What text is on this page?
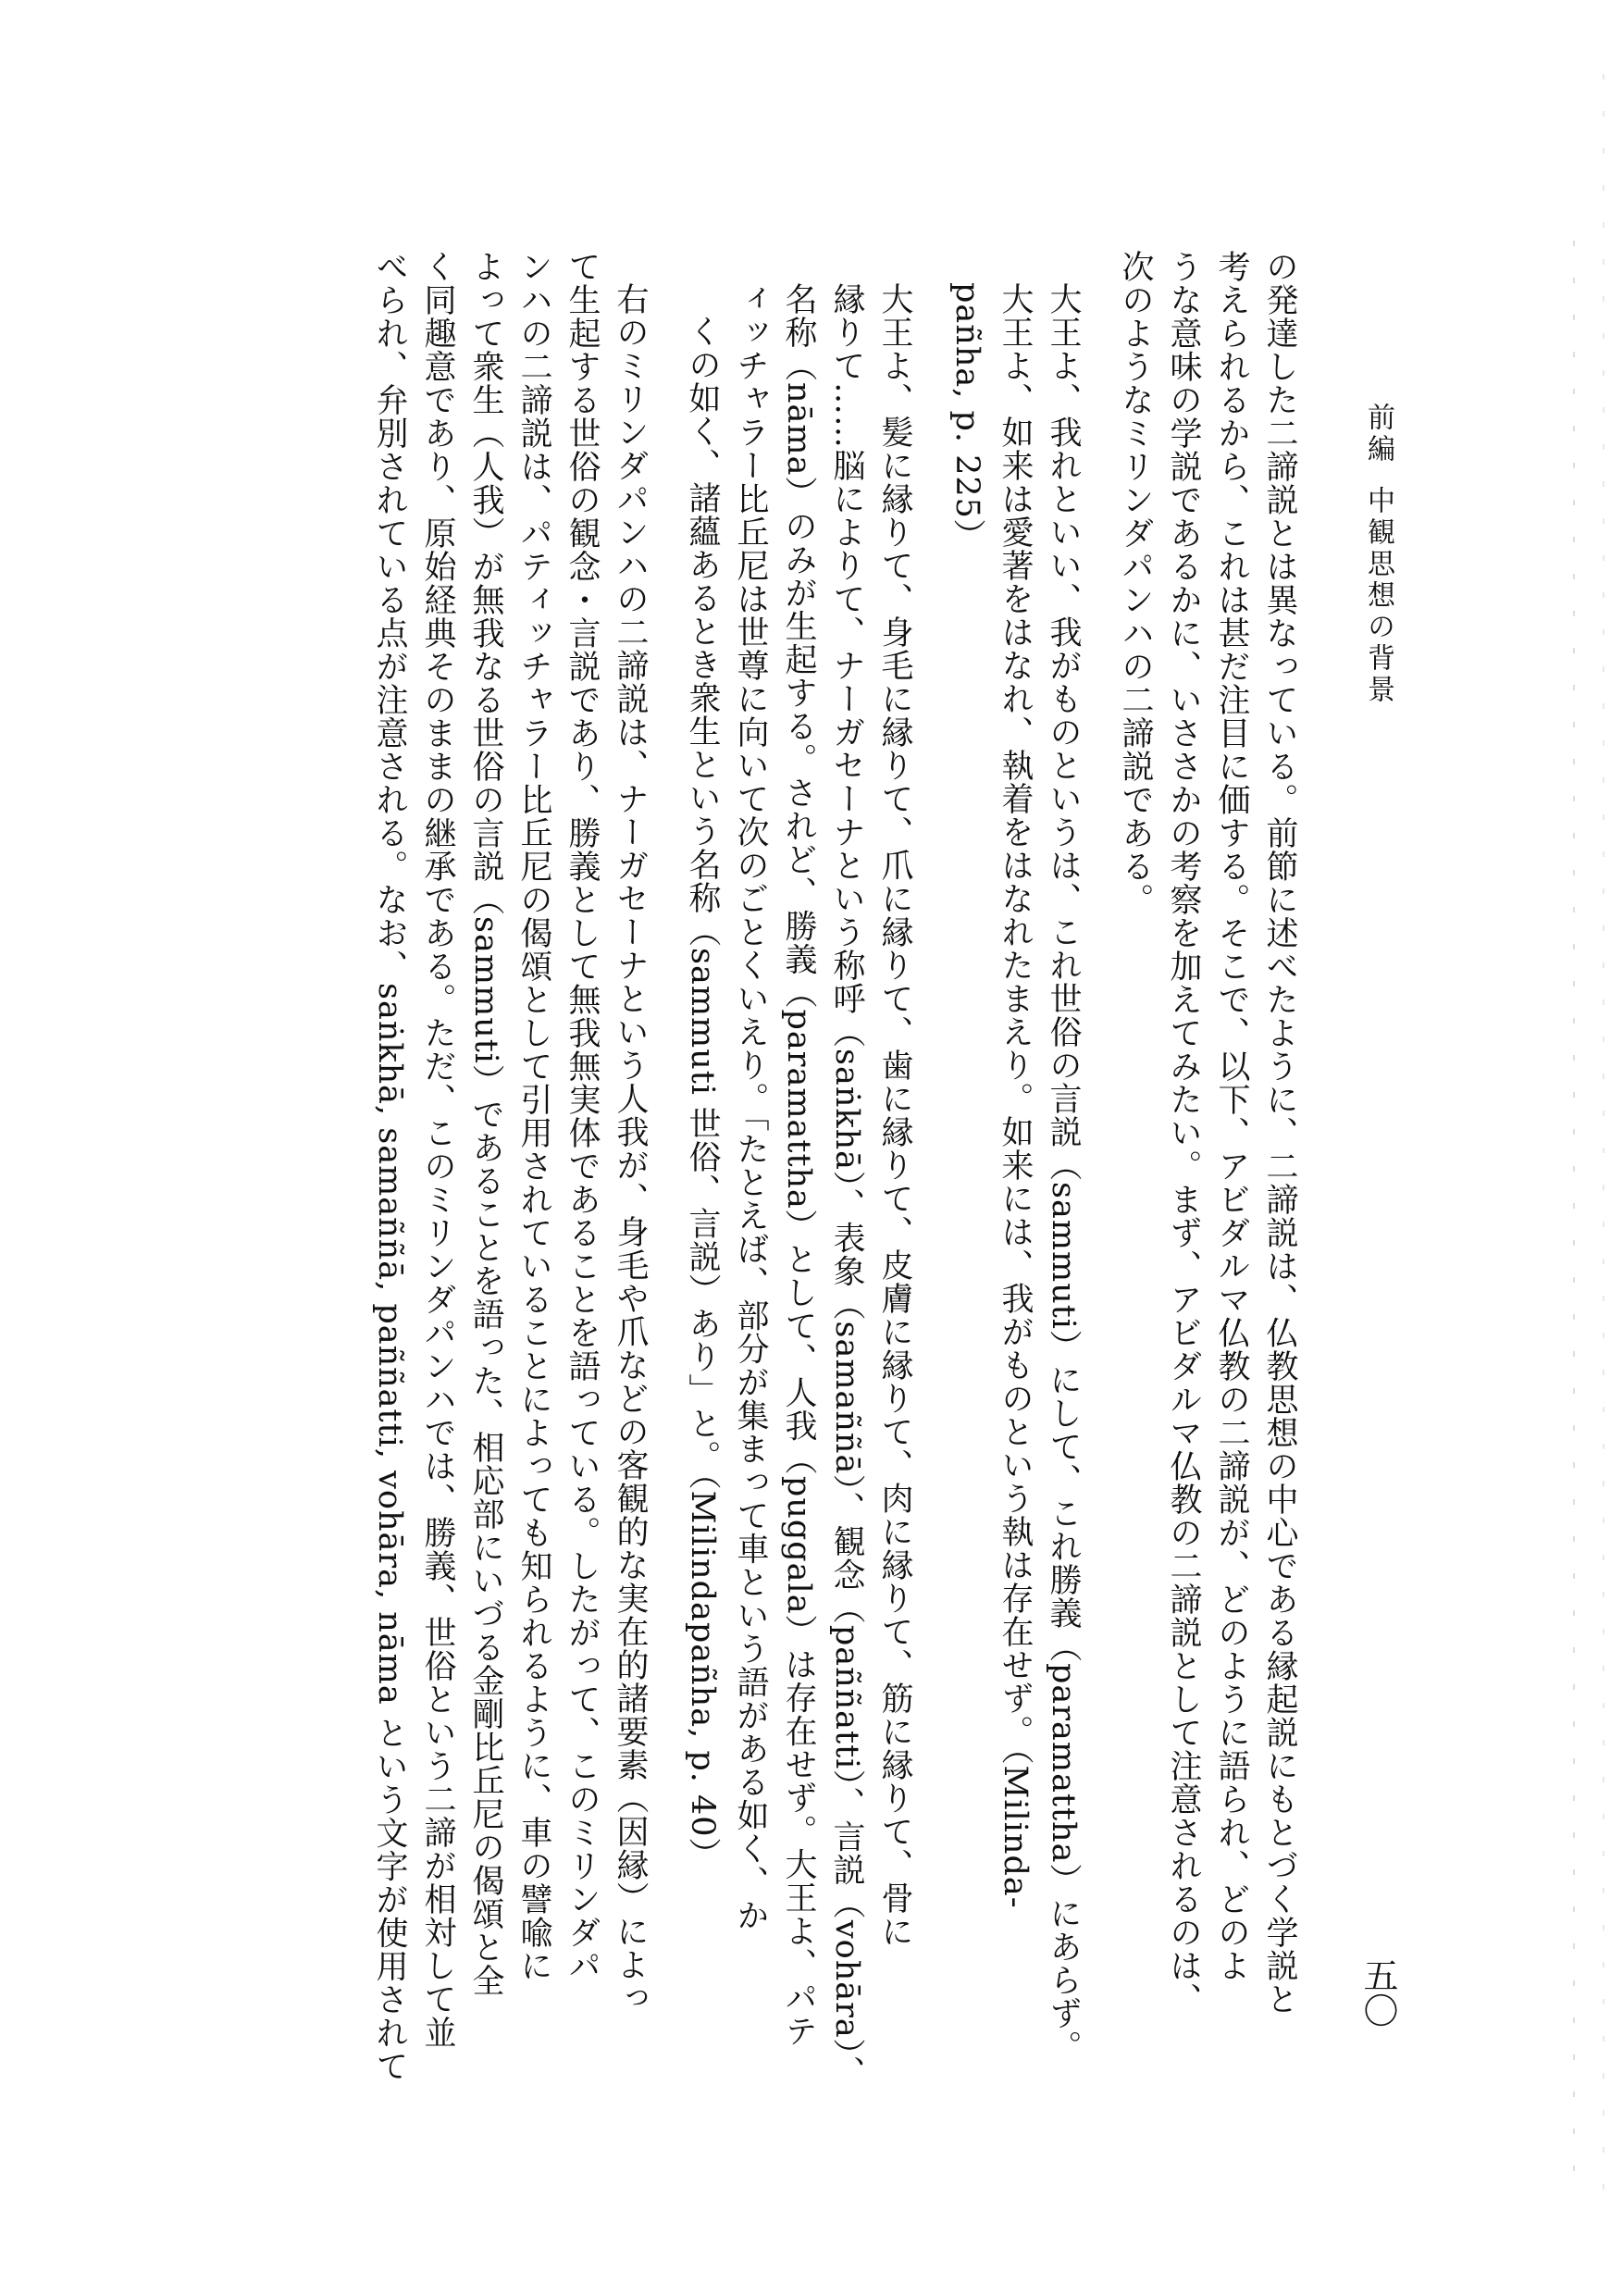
前編中観思想の背景
五〇
の発達した二諦説とは異なっている。前節に述べたように、二諦説は、仏教思想の中心である縁起説にもとづく学説と
考えられるから、これは甚だ注目に価する。そこで、以下、アビダルマ仏教の二諦説が、どのように語られ、どのよ
うな意味の学説であるかに、いささかの考察を加えてみたい。まず、アビダルマ仏教の二諦説として注意されるのは、
次のようなミリンダパンハの二諦説である。
大王よ、我れといい、我がものというは、これ世俗の言説（sammuti）にして、これ勝義（paramattha）にあらず。
大王よ、如来は愛著をはなれ、執着をはなれたまえり。如来には、我がものという執は存在せず。（Milinda-
pañha, p. 225）
大王よ、髪に縁りて、身毛に縁りて、爪に縁りて、歯に縁りて、皮膚に縁りて、肉に縁りて、筋に縁りて、骨に
縁りて……脳によりて、ナーガセーナという称呼（saṅkhā）、表象（samaññā）、観念（paññatti）、言説（vohāra）、
名称（nāma）のみが生起する。されど、勝義（paramattha）として、人我（puggala）は存在せず。大王よ、パテ
ィッチャラー比丘尼は世尊に向いて次のごとくいえり。「たとえば、部分が集まって車という語がある如く、か
くの如く、諸蘊あるとき衆生という名称（sammuti 世俗、言説）あり」と。（Milindapañha, p. 40）
右のミリンダパンハの二諦説は、ナーガセーナという人我が、身毛や爪などの客観的な実在的諸要素（因縁）によっ
て生起する世俗の観念・言説であり、勝義として無我無実体であることを語っている。したがって、このミリンダパ
ンハの二諦説は、パティッチャラー比丘尼の偈頌として引用されていることによっても知られるように、車の譬喩に
よって衆生（人我）が無我なる世俗の言説（sammuti）であることを語った、相応部にいづる金剛比丘尼の偈頌と全
く同趣意であり、原始経典そのままの継承である。ただ、このミリンダパンハでは、勝義、世俗という二諦が相対して並
べられ、弁別されている点が注意される。なお、saṅkhā, samaññā, paññatti, vohāra, nāma という文字が使用されて
